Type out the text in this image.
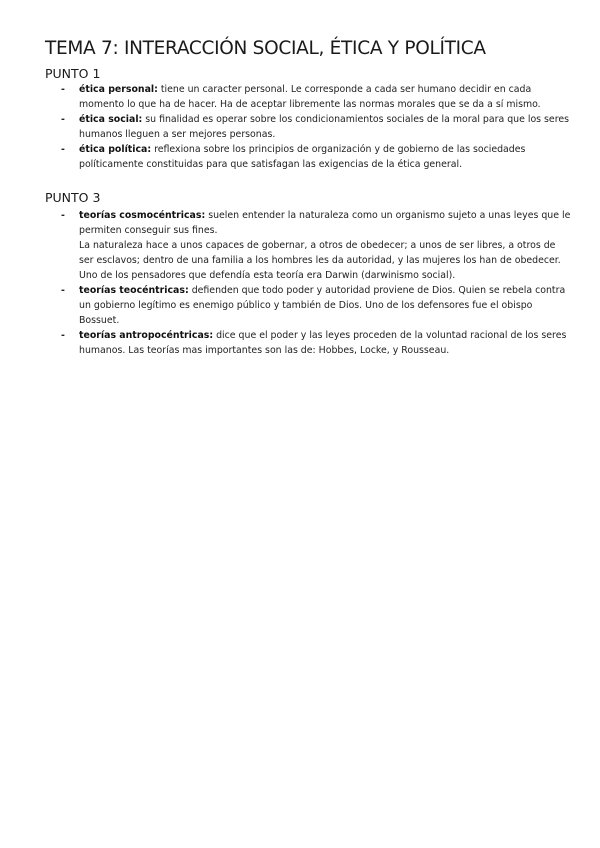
TEMA 7: INTERACCIÓN SOCIAL, ÉTICA Y POLÍTICA
PUNTO 1
- ética personal: tiene un caracter personal. Le corresponde a cada ser humano decidir en cada momento lo que ha de hacer. Ha de aceptar libremente las normas morales que se da a sí mismo.
- ética social: su finalidad es operar sobre los condicionamientos sociales de la moral para que los seres humanos lleguen a ser mejores personas.
- ética política: reflexiona sobre los principios de organización y de gobierno de las sociedades políticamente constituidas para que satisfagan las exigencias de la ética general.
PUNTO 3
- teorías cosmocéntricas: suelen entender la naturaleza como un organismo sujeto a unas leyes que le permiten conseguir sus fines.
La naturaleza hace a unos capaces de gobernar, a otros de obedecer; a unos de ser libres, a otros de ser esclavos; dentro de una familia a los hombres les da autoridad, y las mujeres los han de obedecer.
Uno de los pensadores que defendía esta teoría era Darwin (darwinismo social).
- teorías teocéntricas: defienden que todo poder y autoridad proviene de Dios. Quien se rebela contra un gobierno legítimo es enemigo público y también de Dios. Uno de los defensores fue el obispo Bossuet.
- teorías antropocéntricas: dice que el poder y las leyes proceden de la voluntad racional de los seres humanos. Las teorías mas importantes son las de: Hobbes, Locke, y Rousseau.
